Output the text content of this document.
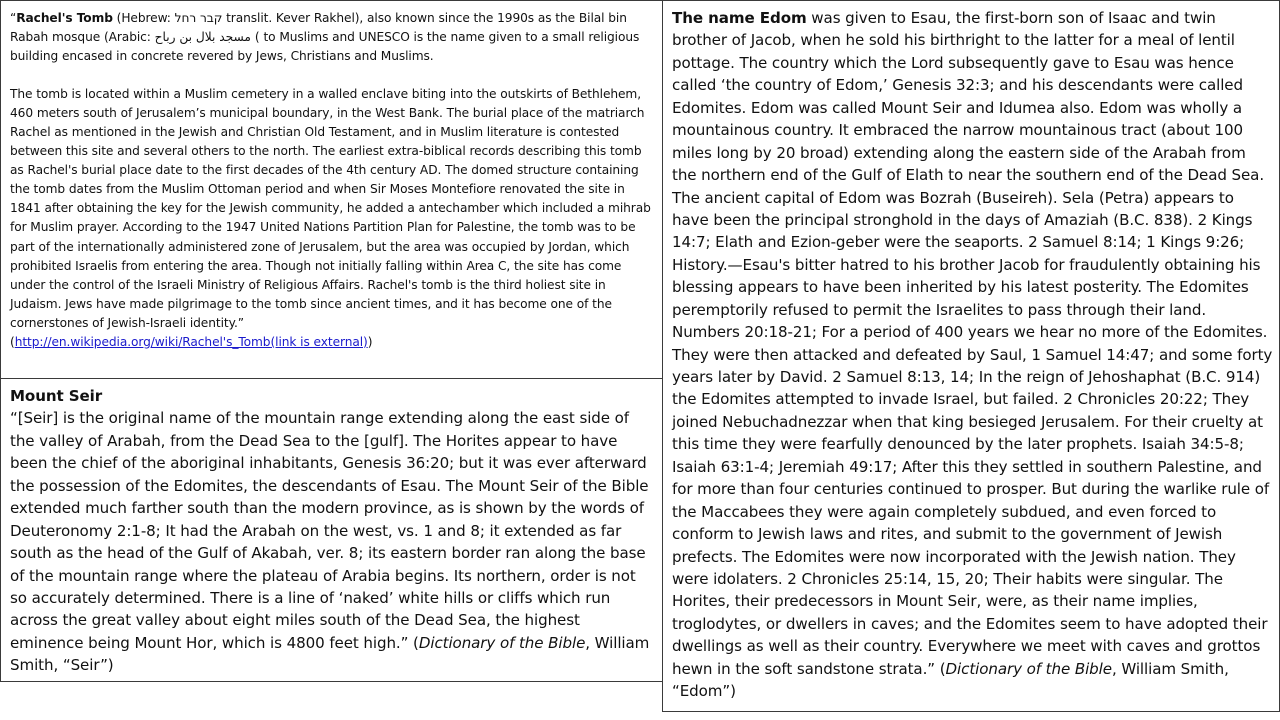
“Rachel's Tomb (Hebrew: קבר רחל translit. Kever Rakhel), also known since the 1990s as the Bilal bin Rabah mosque (Arabic: مسجد بلال بن رباح ( to Muslims and UNESCO is the name given to a small religious building encased in concrete revered by Jews, Christians and Muslims.

The tomb is located within a Muslim cemetery in a walled enclave biting into the outskirts of Bethlehem, 460 meters south of Jerusalem’s municipal boundary, in the West Bank. The burial place of the matriarch Rachel as mentioned in the Jewish and Christian Old Testament, and in Muslim literature is contested between this site and several others to the north. The earliest extra-biblical records describing this tomb as Rachel's burial place date to the first decades of the 4th century AD. The domed structure containing the tomb dates from the Muslim Ottoman period and when Sir Moses Montefiore renovated the site in 1841 after obtaining the key for the Jewish community, he added a antechamber which included a mihrab for Muslim prayer. According to the 1947 United Nations Partition Plan for Palestine, the tomb was to be part of the internationally administered zone of Jerusalem, but the area was occupied by Jordan, which prohibited Israelis from entering the area. Though not initially falling within Area C, the site has come under the control of the Israeli Ministry of Religious Affairs. Rachel's tomb is the third holiest site in Judaism. Jews have made pilgrimage to the tomb since ancient times, and it has become one of the cornerstones of Jewish-Israeli identity.”
(http://en.wikipedia.org/wiki/Rachel's_Tomb(link is external))

Mount Seir

“[Seir] is the original name of the mountain range extending along the east side of the valley of Arabah, from the Dead Sea to the [gulf]. The Horites appear to have been the chief of the aboriginal inhabitants, Genesis 36:20; but it was ever afterward the possession of the Edomites, the descendants of Esau. The Mount Seir of the Bible extended much farther south than the modern province, as is shown by the words of Deuteronomy 2:1-8; It had the Arabah on the west, vs. 1 and 8; it extended as far south as the head of the Gulf of Akabah, ver. 8; its eastern border ran along the base of the mountain range where the plateau of Arabia begins. Its northern, order is not so accurately determined. There is a line of ‘naked’ white hills or cliffs which run across the great valley about eight miles south of the Dead Sea, the highest eminence being Mount Hor, which is 4800 feet high.” (Dictionary of the Bible, William Smith, “Seir”)

The name Edom was given to Esau, the first-born son of Isaac and twin brother of Jacob, when he sold his birthright to the latter for a meal of lentil pottage. The country which the Lord subsequently gave to Esau was hence called ‘the country of Edom,’ Genesis 32:3; and his descendants were called Edomites. Edom was called Mount Seir and Idumea also. Edom was wholly a mountainous country. It embraced the narrow mountainous tract (about 100 miles long by 20 broad) extending along the eastern side of the Arabah from the northern end of the Gulf of Elath to near the southern end of the Dead Sea. The ancient capital of Edom was Bozrah (Buseireh). Sela (Petra) appears to have been the principal stronghold in the days of Amaziah (B.C. 838). 2 Kings 14:7; Elath and Ezion-geber were the seaports. 2 Samuel 8:14; 1 Kings 9:26; History.—Esau's bitter hatred to his brother Jacob for fraudulently obtaining his blessing appears to have been inherited by his latest posterity. The Edomites peremptorily refused to permit the Israelites to pass through their land. Numbers 20:18-21; For a period of 400 years we hear no more of the Edomites. They were then attacked and defeated by Saul, 1 Samuel 14:47; and some forty years later by David. 2 Samuel 8:13, 14; In the reign of Jehoshaphat (B.C. 914) the Edomites attempted to invade Israel, but failed. 2 Chronicles 20:22; They joined Nebuchadnezzar when that king besieged Jerusalem. For their cruelty at this time they were fearfully denounced by the later prophets. Isaiah 34:5-8; Isaiah 63:1-4; Jeremiah 49:17; After this they settled in southern Palestine, and for more than four centuries continued to prosper. But during the warlike rule of the Maccabees they were again completely subdued, and even forced to conform to Jewish laws and rites, and submit to the government of Jewish prefects. The Edomites were now incorporated with the Jewish nation. They were idolaters. 2 Chronicles 25:14, 15, 20; Their habits were singular. The Horites, their predecessors in Mount Seir, were, as their name implies, troglodytes, or dwellers in caves; and the Edomites seem to have adopted their dwellings as well as their country. Everywhere we meet with caves and grottos hewn in the soft sandstone strata.” (Dictionary of the Bible, William Smith, “Edom”)
